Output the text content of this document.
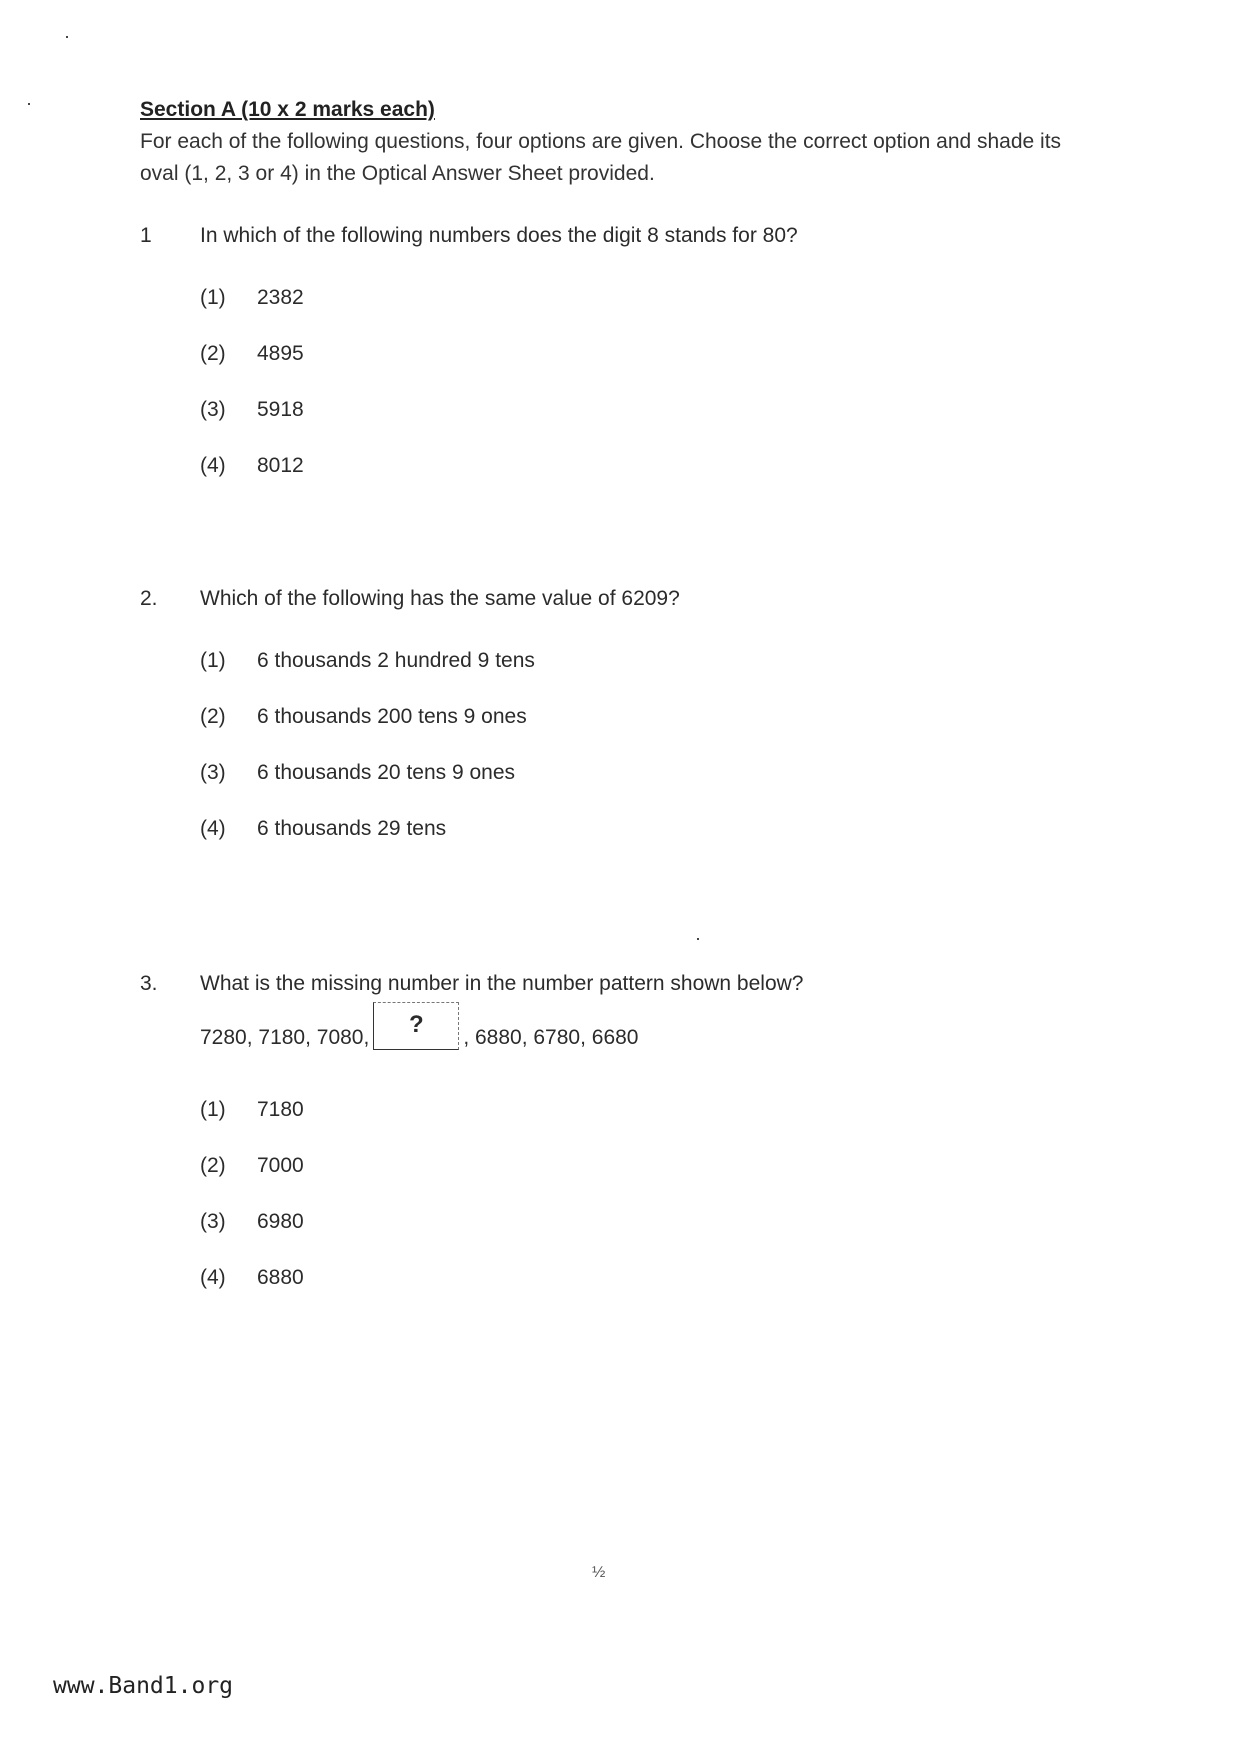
Section A (10 x 2 marks each)

For each of the following questions, four options are given. Choose the correct option and shade its oval (1, 2, 3 or 4) in the Optical Answer Sheet provided.

1 In which of the following numbers does the digit 8 stands for 80?
(1) 2382
(2) 4895
(3) 5918
(4) 8012
2. Which of the following has the same value of 6209?
(1) 6 thousands 2 hundred 9 tens
(2) 6 thousands 200 tens 9 ones
(3) 6 thousands 20 tens 9 ones
(4) 6 thousands 29 tens
3. What is the missing number in the number pattern shown below?
7280, 7180, 7080,	?	, 6880, 6780, 6680
(1) 7180
(2) 7000
(3) 6980
(4) 6880
½
www.Band1.org
